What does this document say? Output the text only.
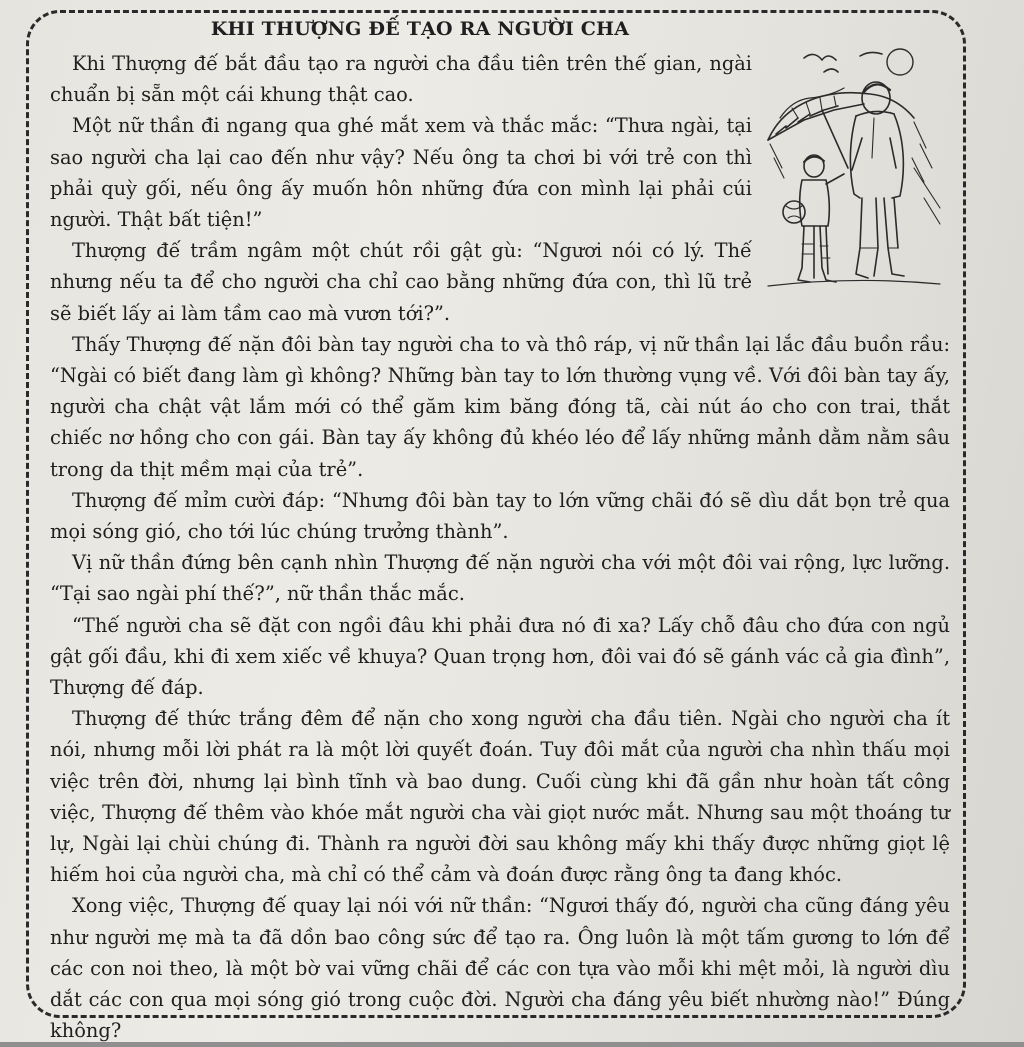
KHI THƯỢNG ĐẾ TẠO RA NGƯỜI CHA

Khi Thượng đế bắt đầu tạo ra người cha đầu tiên trên thế gian, ngài chuẩn bị sẵn một cái khung thật cao.

Một nữ thần đi ngang qua ghé mắt xem và thắc mắc: “Thưa ngài, tại sao người cha lại cao đến như vậy? Nếu ông ta chơi bi với trẻ con thì phải quỳ gối, nếu ông ấy muốn hôn những đứa con mình lại phải cúi người. Thật bất tiện!”

Thượng đế trầm ngâm một chút rồi gật gù: “Ngươi nói có lý. Thế nhưng nếu ta để cho người cha chỉ cao bằng những đứa con, thì lũ trẻ sẽ biết lấy ai làm tầm cao mà vươn tới?”.

Thấy Thượng đế nặn đôi bàn tay người cha to và thô ráp, vị nữ thần lại lắc đầu buồn rầu: “Ngài có biết đang làm gì không? Những bàn tay to lớn thường vụng về. Với đôi bàn tay ấy, người cha chật vật lắm mới có thể găm kim băng đóng tã, cài nút áo cho con trai, thắt chiếc nơ hồng cho con gái. Bàn tay ấy không đủ khéo léo để lấy những mảnh dằm nằm sâu trong da thịt mềm mại của trẻ”.

Thượng đế mỉm cười đáp: “Nhưng đôi bàn tay to lớn vững chãi đó sẽ dìu dắt bọn trẻ qua mọi sóng gió, cho tới lúc chúng trưởng thành”.

Vị nữ thần đứng bên cạnh nhìn Thượng đế nặn người cha với một đôi vai rộng, lực lưỡng. “Tại sao ngài phí thế?”, nữ thần thắc mắc.

“Thế người cha sẽ đặt con ngồi đâu khi phải đưa nó đi xa? Lấy chỗ đâu cho đứa con ngủ gật gối đầu, khi đi xem xiếc về khuya? Quan trọng hơn, đôi vai đó sẽ gánh vác cả gia đình”, Thượng đế đáp.

Thượng đế thức trắng đêm để nặn cho xong người cha đầu tiên. Ngài cho người cha ít nói, nhưng mỗi lời phát ra là một lời quyết đoán. Tuy đôi mắt của người cha nhìn thấu mọi việc trên đời, nhưng lại bình tĩnh và bao dung. Cuối cùng khi đã gần như hoàn tất công việc, Thượng đế thêm vào khóe mắt người cha vài giọt nước mắt. Nhưng sau một thoáng tư lự, Ngài lại chùi chúng đi. Thành ra người đời sau không mấy khi thấy được những giọt lệ hiếm hoi của người cha, mà chỉ có thể cảm và đoán được rằng ông ta đang khóc.

Xong việc, Thượng đế quay lại nói với nữ thần: “Ngươi thấy đó, người cha cũng đáng yêu như người mẹ mà ta đã dồn bao công sức để tạo ra. Ông luôn là một tấm gương to lớn để các con noi theo, là một bờ vai vững chãi để các con tựa vào mỗi khi mệt mỏi, là người dìu dắt các con qua mọi sóng gió trong cuộc đời. Người cha đáng yêu biết nhường nào!” Đúng không?
